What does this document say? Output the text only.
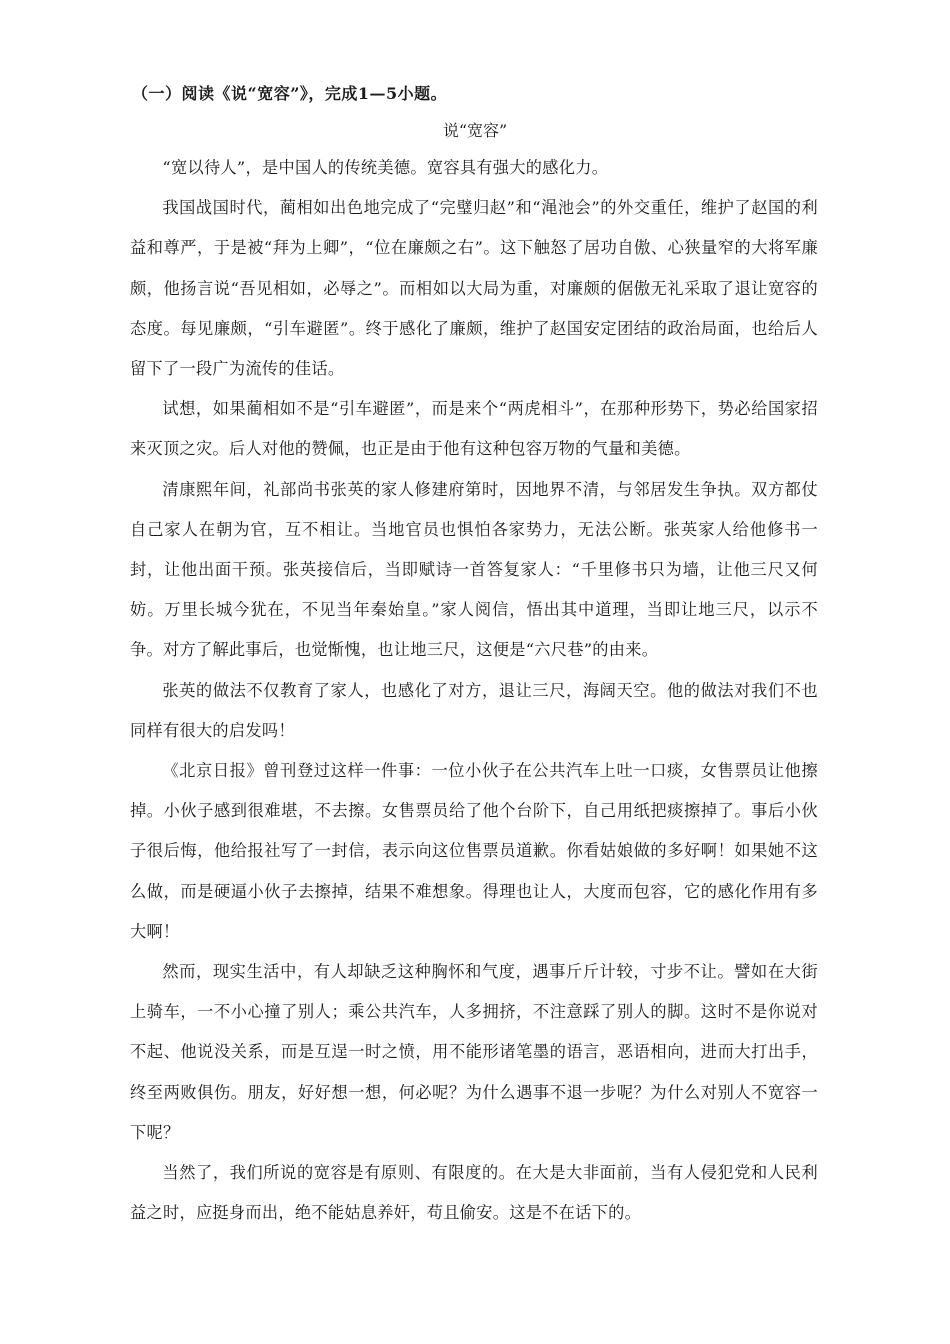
（一）阅读《说“宽容”》，完成1—5小题。
说“宽容”

“宽以待人”，是中国人的传统美德。宽容具有强大的感化力。

我国战国时代，蔺相如出色地完成了“完璧归赵”和“渑池会”的外交重任，维护了赵国的利益和尊严，于是被“拜为上卿”，“位在廉颇之右”。这下触怒了居功自傲、心狭量窄的大将军廉颇，他扬言说“吾见相如，必辱之”。而相如以大局为重，对廉颇的倨傲无礼采取了退让宽容的态度。每见廉颇，“引车避匿”。终于感化了廉颇，维护了赵国安定团结的政治局面，也给后人留下了一段广为流传的佳话。

试想，如果蔺相如不是“引车避匿”，而是来个“两虎相斗”，在那种形势下，势必给国家招来灭顶之灾。后人对他的赞佩，也正是由于他有这种包容万物的气量和美德。

清康熙年间，礼部尚书张英的家人修建府第时，因地界不清，与邻居发生争执。双方都仗自己家人在朝为官，互不相让。当地官员也惧怕各家势力，无法公断。张英家人给他修书一封，让他出面干预。张英接信后，当即赋诗一首答复家人：“千里修书只为墙，让他三尺又何妨。万里长城今犹在，不见当年秦始皇。”家人阅信，悟出其中道理，当即让地三尺，以示不争。对方了解此事后，也觉惭愧，也让地三尺，这便是“六尺巷”的由来。

张英的做法不仅教育了家人，也感化了对方，退让三尺，海阔天空。他的做法对我们不也同样有很大的启发吗！

《北京日报》曾刊登过这样一件事：一位小伙子在公共汽车上吐一口痰，女售票员让他擦掉。小伙子感到很难堪，不去擦。女售票员给了他个台阶下，自己用纸把痰擦掉了。事后小伙子很后悔，他给报社写了一封信，表示向这位售票员道歉。你看姑娘做的多好啊！如果她不这么做，而是硬逼小伙子去擦掉，结果不难想象。得理也让人，大度而包容，它的感化作用有多大啊！

然而，现实生活中，有人却缺乏这种胸怀和气度，遇事斤斤计较，寸步不让。譬如在大街上骑车，一不小心撞了别人；乘公共汽车，人多拥挤，不注意踩了别人的脚。这时不是你说对不起、他说没关系，而是互逞一时之愤，用不能形诸笔墨的语言，恶语相向，进而大打出手，终至两败俱伤。朋友，好好想一想，何必呢？为什么遇事不退一步呢？为什么对别人不宽容一下呢？

当然了，我们所说的宽容是有原则、有限度的。在大是大非面前，当有人侵犯党和人民利益之时，应挺身而出，绝不能姑息养奸，苟且偷安。这是不在话下的。
